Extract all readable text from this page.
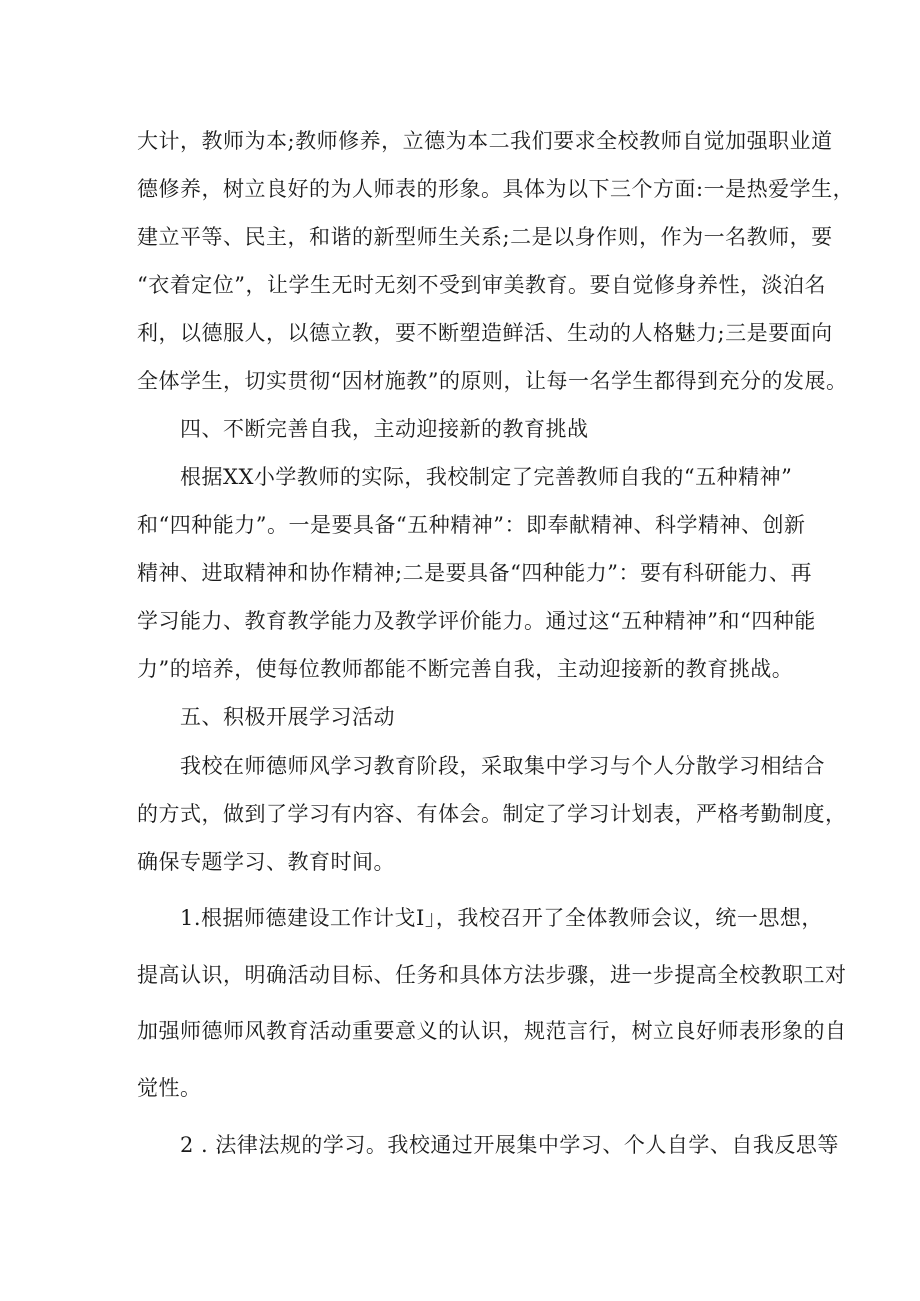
大计，教师为本;教师修养，立德为本二我们要求全校教师自觉加强职业道
德修养，树立良好的为人师表的形象。具体为以下三个方面:一是热爱学生，
建立平等、民主，和谐的新型师生关系;二是以身作则，作为一名教师，要
“衣着定位”，让学生无时无刻不受到审美教育。要自觉修身养性，淡泊名
利，以德服人，以德立教，要不断塑造鲜活、生动的人格魅力;三是要面向
全体学生，切实贯彻“因材施教”的原则，让每一名学生都得到充分的发展。
四、不断完善自我，主动迎接新的教育挑战
根据XX小学教师的实际，我校制定了完善教师自我的“五种精神”
和“四种能力”。一是要具备“五种精神”：即奉献精神、科学精神、创新
精神、进取精神和协作精神;二是要具备“四种能力”：要有科研能力、再
学习能力、教育教学能力及教学评价能力。通过这“五种精神”和“四种能
力”的培养，使每位教师都能不断完善自我，主动迎接新的教育挑战。
五、积极开展学习活动
我校在师德师风学习教育阶段，采取集中学习与个人分散学习相结合
的方式，做到了学习有内容、有体会。制定了学习计划表，严格考勤制度，
确保专题学习、教育时间。
1.根据师德建设工作计戈I」，我校召开了全体教师会议，统一思想，
提高认识，明确活动目标、任务和具体方法步骤，进一步提高全校教职工对
加强师德师风教育活动重要意义的认识，规范言行，树立良好师表形象的自
觉性。
2 . 法律法规的学习。我校通过开展集中学习、个人自学、自我反思等
